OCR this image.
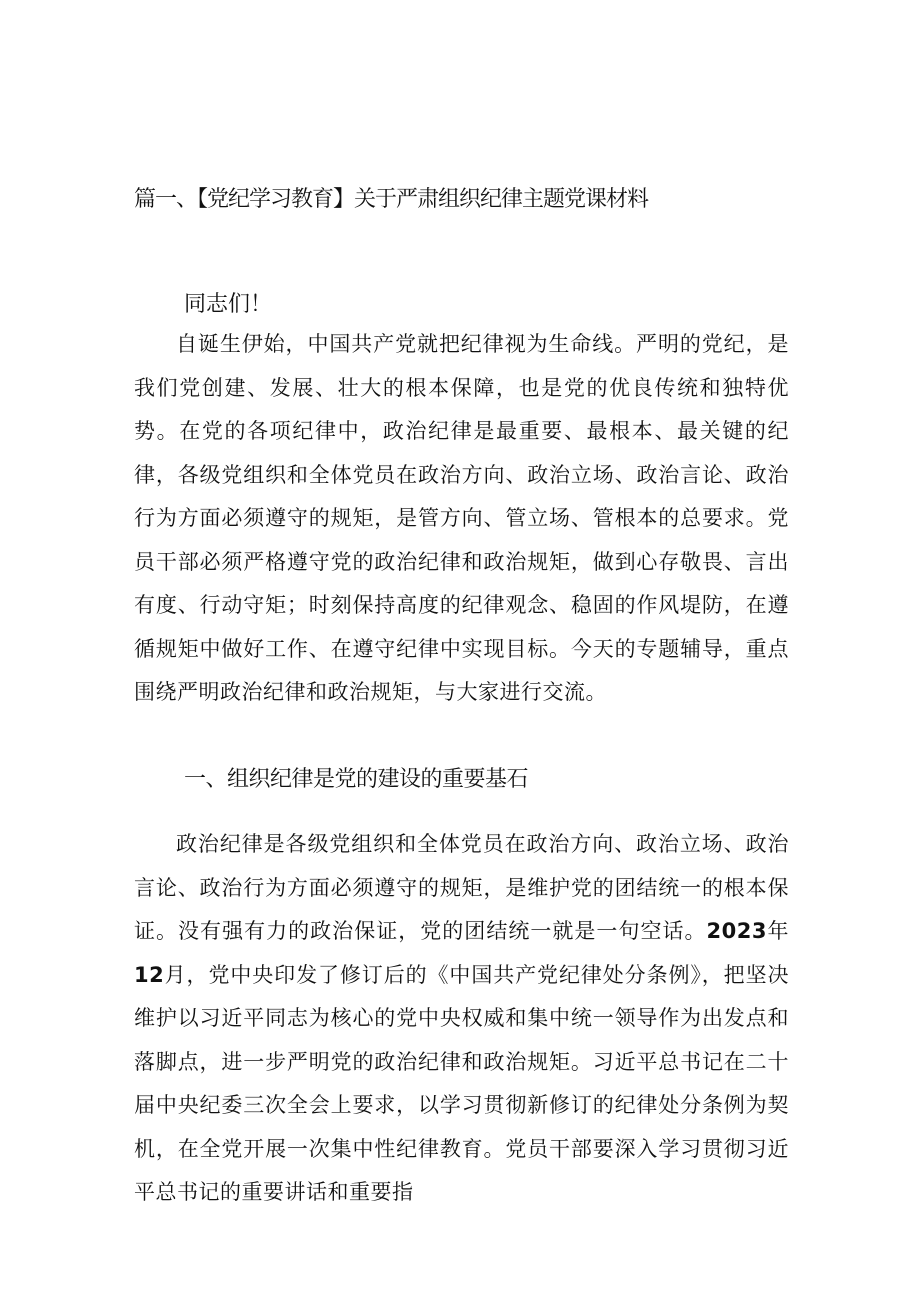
篇一、【党纪学习教育】关于严肃组织纪律主题党课材料

同志们！

自诞生伊始，中国共产党就把纪律视为生命线。严明的党纪，是我们党创建、发展、壮大的根本保障，也是党的优良传统和独特优势。在党的各项纪律中，政治纪律是最重要、最根本、最关键的纪律，各级党组织和全体党员在政治方向、政治立场、政治言论、政治行为方面必须遵守的规矩，是管方向、管立场、管根本的总要求。党员干部必须严格遵守党的政治纪律和政治规矩，做到心存敬畏、言出有度、行动守矩；时刻保持高度的纪律观念、稳固的作风堤防，在遵循规矩中做好工作、在遵守纪律中实现目标。今天的专题辅导，重点围绕严明政治纪律和政治规矩，与大家进行交流。

一、组织纪律是党的建设的重要基石

政治纪律是各级党组织和全体党员在政治方向、政治立场、政治言论、政治行为方面必须遵守的规矩，是维护党的团结统一的根本保证。没有强有力的政治保证，党的团结统一就是一句空话。2023年12月，党中央印发了修订后的《中国共产党纪律处分条例》，把坚决维护以习近平同志为核心的党中央权威和集中统一领导作为出发点和落脚点，进一步严明党的政治纪律和政治规矩。习近平总书记在二十届中央纪委三次全会上要求，以学习贯彻新修订的纪律处分条例为契机，在全党开展一次集中性纪律教育。党员干部要深入学习贯彻习近平总书记的重要讲话和重要指
